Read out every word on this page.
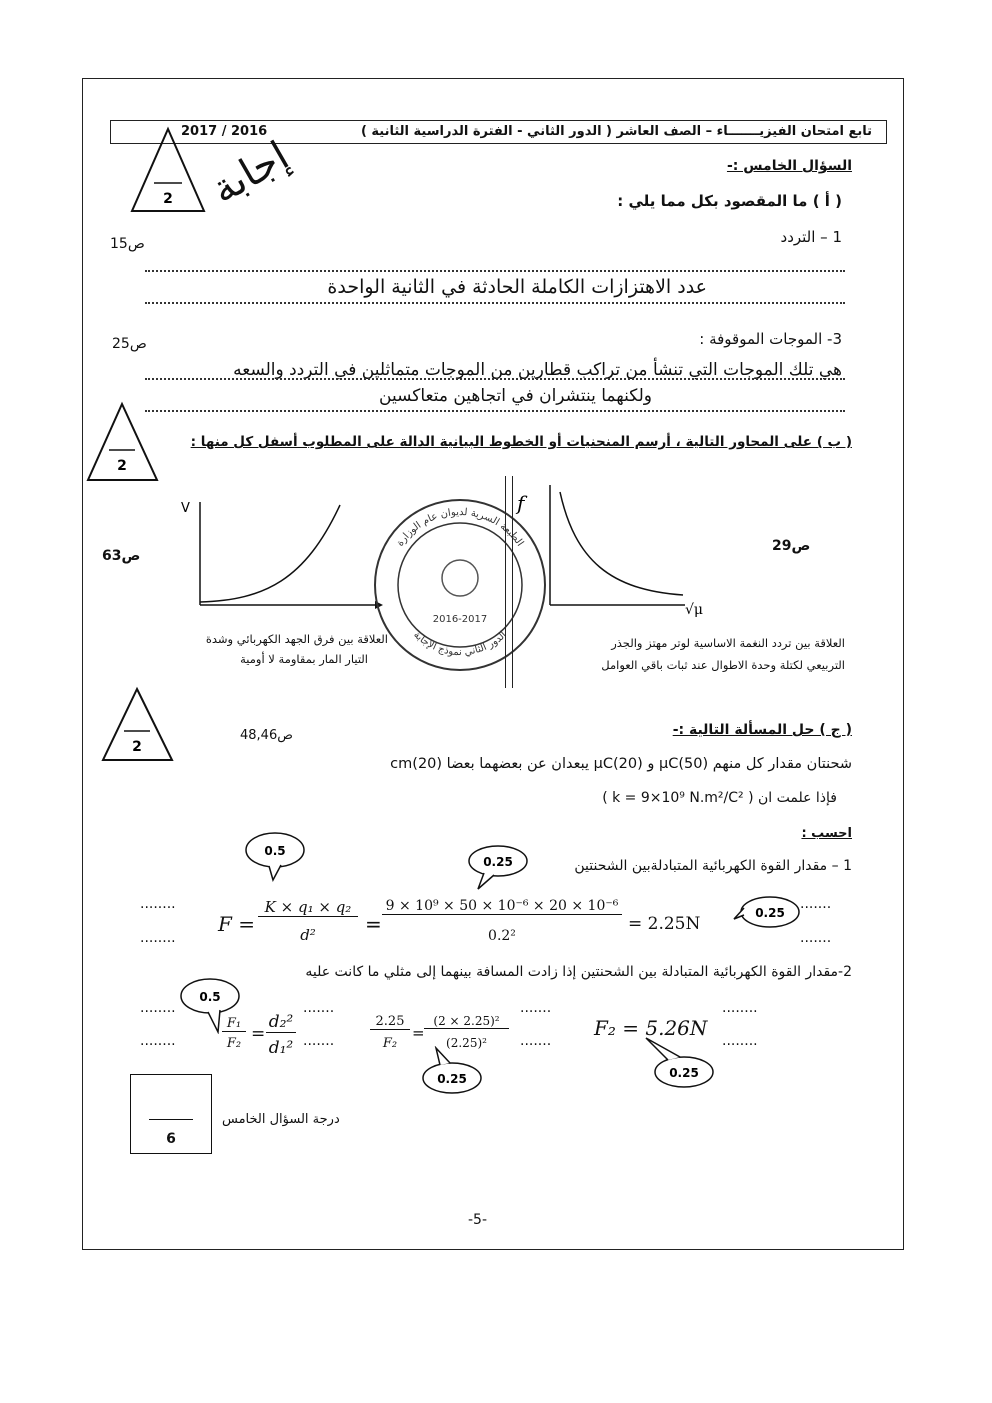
تابع امتحان الفيزيـــــــاء – الصف العاشر ( الدور الثاني - الفترة الدراسية الثانية )
2017 / 2016
إجابة	السؤال الخامس :-
2	( أ ) ما المقصود بكل مما يلي :
1 – التردد
ص15
عدد الاهتزازات الكاملة الحادثة في الثانية الواحدة
3- الموجات الموقوفة :
ص25
هي تلك الموجات التي تنشأ من تراكب قطارين من الموجات متماثلين في التردد والسعه
ولكنهما ينتشران في اتجاهين متعاكسين
2
( ب ) على المحاور التالية ، أرسم المنحنيات أو الخطوط البيانية الدالة على المطلوب أسفل كل منها :
V
ص63
العلاقة بين فرق الجهد الكهربائي وشدة
التيار المار بمقاومة لا أومية
الطبعة السرية لديوان عام الوزارة
الدور الثاني نموذج الإجابة
2016-2017
f
√μ
ص29
العلاقة بين تردد النغمة الاساسية لوتر مهتز والجذر
التربيعي لكتلة وحدة الاطوال عند ثبات باقي العوامل
2
( ج ) حل المسألة التالية :-
ص48,46
شحنتان مقدار كل منهم (50)μC و (20)μC يبعدان عن بعضهما بعضا (20)cm
فإذا علمت ان ( k = 9×10⁹ N.m²/C² )
احسب :
1 – مقدار القوة الكهربائية المتبادلةبين الشحنتين
0.5
0.25
0.25
........
........
.......
.......
F =
K × q₁ × q₂
d²	=
9 × 10⁹ × 50 × 10⁻⁶ × 20 × 10⁻⁶
0.2²
= 2.25N
2-مقدار القوة الكهربائية المتبادلة بين الشحنتين إذا زادت المسافة بينهما إلى مثلي ما كانت عليه
0.5
........
........
.......
.......
.......
.......
........
........
F₁
F₂ =
d₂²
d₁²
2.25
F₂
=
(2 × 2.25)²
(2.25)²
F₂ = 5.26N
0.25	0.25
6
درجة السؤال الخامس
-5-
